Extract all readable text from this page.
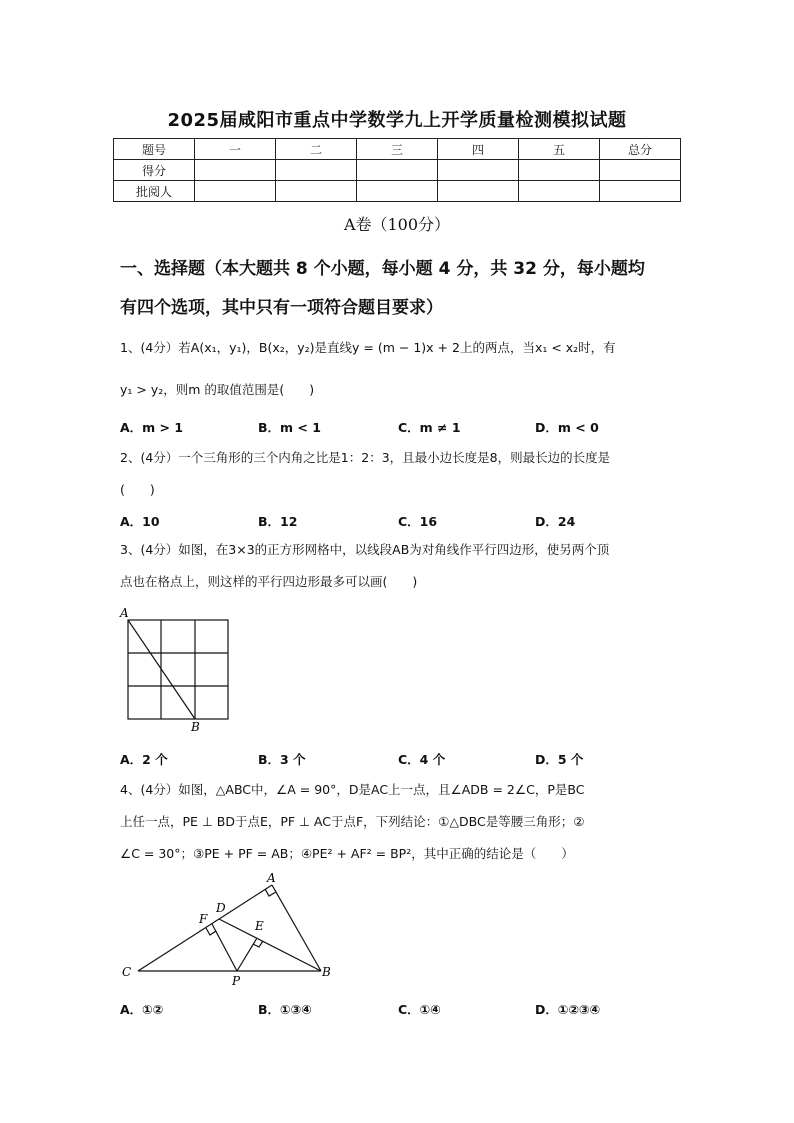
2025届咸阳市重点中学数学九上开学质量检测模拟试题
题号	一	二	三	四	五	总分
得分						
批阅人						
A卷（100分）
一、选择题（本大题共 8 个小题，每小题 4 分，共 32 分，每小题均
有四个选项，其中只有一项符合题目要求）
1、(4分）若A(x₁，y₁)，B(x₂，y₂)是直线y = (m − 1)x + 2上的两点，当x₁ < x₂时，有
y₁ > y₂，则m 的取值范围是(　　)
A．m > 1	B．m < 1	C．m ≠ 1	D．m < 0
2、(4分）一个三角形的三个内角之比是1：2：3，且最小边长度是8，则最长边的长度是
(　　)
A．10	B．12	C．16	D．24
3、(4分）如图，在3×3的正方形网格中，以线段AB为对角线作平行四边形，使另两个顶
点也在格点上，则这样的平行四边形最多可以画(　　)
A
B
A．2 个	B．3 个	C．4 个	D．5 个
4、(4分）如图，△ABC中，∠A = 90°，D是AC上一点，且∠ADB = 2∠C，P是BC
上任一点，PE ⊥ BD于点E，PF ⊥ AC于点F，下列结论：①△DBC是等腰三角形；②
∠C = 30°；③PE + PF = AB；④PE² + AF² = BP²，其中正确的结论是（　　）
A
B
C
D
E
F
P
A．①②	B．①③④	C．①④	D．①②③④
